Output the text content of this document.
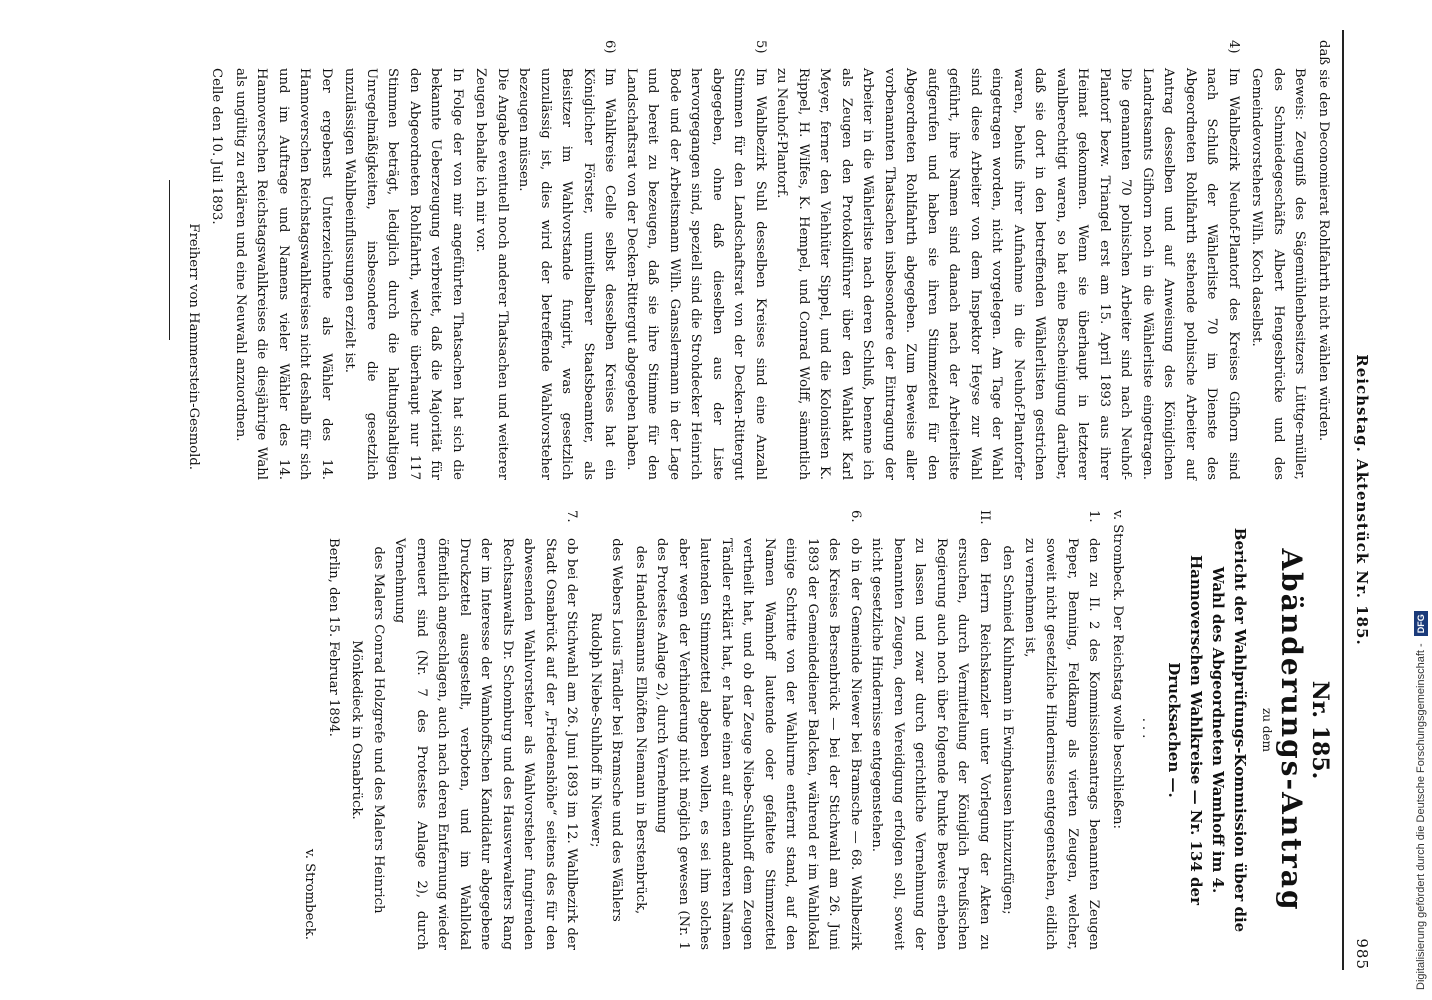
Reichstag. Aktenstück Nr. 185.
985

daß sie den Deconomierat Rohlfahrth nicht wählen würden.

Beweis: Zeugniß des Sägemühlenbesitzers Lüttge-müller, des Schmiedegeschäfts Albert Hengesbrücke und des Gemeindevorstehers Wilh. Koch daselbst.

4)
Im Wahlbezirk Neuhof-Plantorf des Kreises Gifhorn sind nach Schluß der Wählerliste 70 im Dienste des Abgeordneten Rohlfahrth stehende polnische Arbeiter auf Antrag desselben und auf Anweisung des Königlichen Landratsamts Gifhorn noch in die Wählerliste eingetragen. Die genannten 70 polnischen Arbeiter sind nach Neuhof-Plantorf bezw. Triangel erst am 15. April 1893 aus ihrer Heimat gekommen. Wenn sie überhaupt in letzterer wahlberechtigt waren, so hat eine Bescheinigung darüber, daß sie dort in den betreffenden Wählerlisten gestrichen waren, behufs ihrer Aufnahme in die Neuhof-Plantorfer eingetragen worden, nicht vorgelegen. Am Tage der Wahl sind diese Arbeiter von dem Inspektor Heyse zur Wahl geführt, ihre Namen sind danach nach der Arbeiterliste aufgerufen und haben sie ihren Stimmzettel für den Abgeordneten Rohlfahrth abgegeben. Zum Beweise aller vorbenannten Thatsachen insbesondere der Eintragung der Arbeiter in die Wählerliste nach deren Schluß, benenne ich als Zeugen den Protokollführer über den Wahlakt Karl Meyer, ferner den Viehhüter Sippel, und die Kolonisten K. Rippel, H. Wilfes, K. Hempel, und Conrad Wolff, sämmtlich zu Neuhof-Plantorf.
5)
Im Wahlbezirk Suhl desselben Kreises sind eine Anzahl Stimmen für den Landschaftsrat von der Decken-Rittergut abgegeben, ohne daß dieselben aus der Liste hervorgegangen sind, speziell sind die Strohdecker Heinrich Bode und der Arbeitsmann Wilh. Gansslermann in der Lage und bereit zu bezeugen, daß sie ihre Stimme für den Landschaftsrat von der Decken-Rittergut abgegeben haben.
6)
Im Wahlkreise Celle selbst desselben Kreises hat ein Königlicher Förster, unmittelbarer Staatsbeamter, als Beisitzer im Wahlvorstande fungirt, was gesetzlich unzulässig ist, dies wird der betreffende Wahlvorsteher bezeugen müssen.

Die Angabe eventuell noch anderer Thatsachen und weiterer Zeugen behalte ich mir vor.

In Folge der von mir angeführten Thatsachen hat sich die bekannte Ueberzeugung verbreitet, daß die Majorität für den Abgeordneten Rohlfahrth, welche überhaupt nur 117 Stimmen beträgt, lediglich durch die haltungshaltigen Unregelmäßigkeiten, insbesondere die gesetzlich unzulässigen Wahlbeeinflussungen erzielt ist.

Der ergebenst Unterzeichnete als Wähler des 14. Hannoverschen Reichstagswahlkreises nicht deshalb für sich und im Auftrage und Namens vieler Wähler des 14. Hannoverschen Reichstagswahlkreises die diesjährige Wahl als ungültig zu erklären und eine Neuwahl anzuordnen.

Celle den 10. Juli 1893.

Freiherr von Hammerstein-Gesmold.

Nr. 185.
Abänderungs-Antrag
zu dem
Bericht der Wahlprüfungs-Kommission über die Wahl des Abgeordneten Wamhoff im 4. Hannoverschen Wahlkreise — Nr. 134 der Drucksachen —.
...

v. Strombeck. Der Reichstag wolle beschließen:

1.
den zu II. 2 des Kommissionsantrags benannten Zeugen Peper, Benning, Feldkamp als vierten Zeugen, welcher, soweit nicht gesetzliche Hindernisse entgegenstehen, eidlich zu vernehmen ist,

den Schmied Kuhlmann in Ewinghausen hinzuzufügen;

II.
den Herrn Reichskanzler unter Vorlegung der Akten zu ersuchen, durch Vermittelung der Königlich Preußischen Regierung auch noch über folgende Punkte Beweis erheben zu lassen und zwar durch gerichtliche Vernehmung der benannten Zeugen, deren Vereidigung erfolgen soll, soweit nicht gesetzliche Hindernisse entgegenstehen.
6.
ob in der Gemeinde Niewer bei Bramsche — 68. Wahlbezirk des Kreises Bersenbrück — bei der Stichwahl am 26. Juni 1893 der Gemeindediener Balcken, während er im Wahllokal einige Schritte von der Wahlurne entfernt stand, auf den Namen Wamhoff lautende oder gefaltete Stimmzettel vertheilt hat, und ob der Zeuge Niebe-Suhlhoff dem Zeugen Tändler erklärt hat, er habe einen auf einen anderen Namen lautenden Stimmzettel abgeben wollen, es sei ihm solches aber wegen der Verhinderung nicht möglich gewesen (Nr. 1 des Protestes Anlage 2), durch Vernehmung

des Handelsmanns Elhöften Niemann in Berstenbrück,

des Webers Louis Tändler bei Bramsche und des Wählers Rudolph Niebe-Suhlhoff in Niewer;

7.
ob bei der Stichwahl am 26. Juni 1893 im 12. Wahlbezirk der Stadt Osnabrück auf der „Friedenshöhe“ seitens des für den abwesenden Wahlvorsteher als Wahlvorsteher fungirenden Rechtsanwalts Dr. Schomburg und des Hausverwalters Rang der im Interesse der Wamhoffschen Kandidatur abgegebene Druckzettel ausgestellt, verboten, und im Wahllokal öffentlich angeschlagen, auch nach deren Entfernung wieder erneuert sind (Nr. 7 des Protestes Anlage 2), durch Vernehmung

des Malers Conrad Holzgrefe und des Malers Heinrich Mönkedieck in Osnabrück.

Berlin, den 15. Februar 1894.

v. Strombeck.	Digitalisierung gefördert durch die Deutsche Forschungsgemeinschaft - DFG
